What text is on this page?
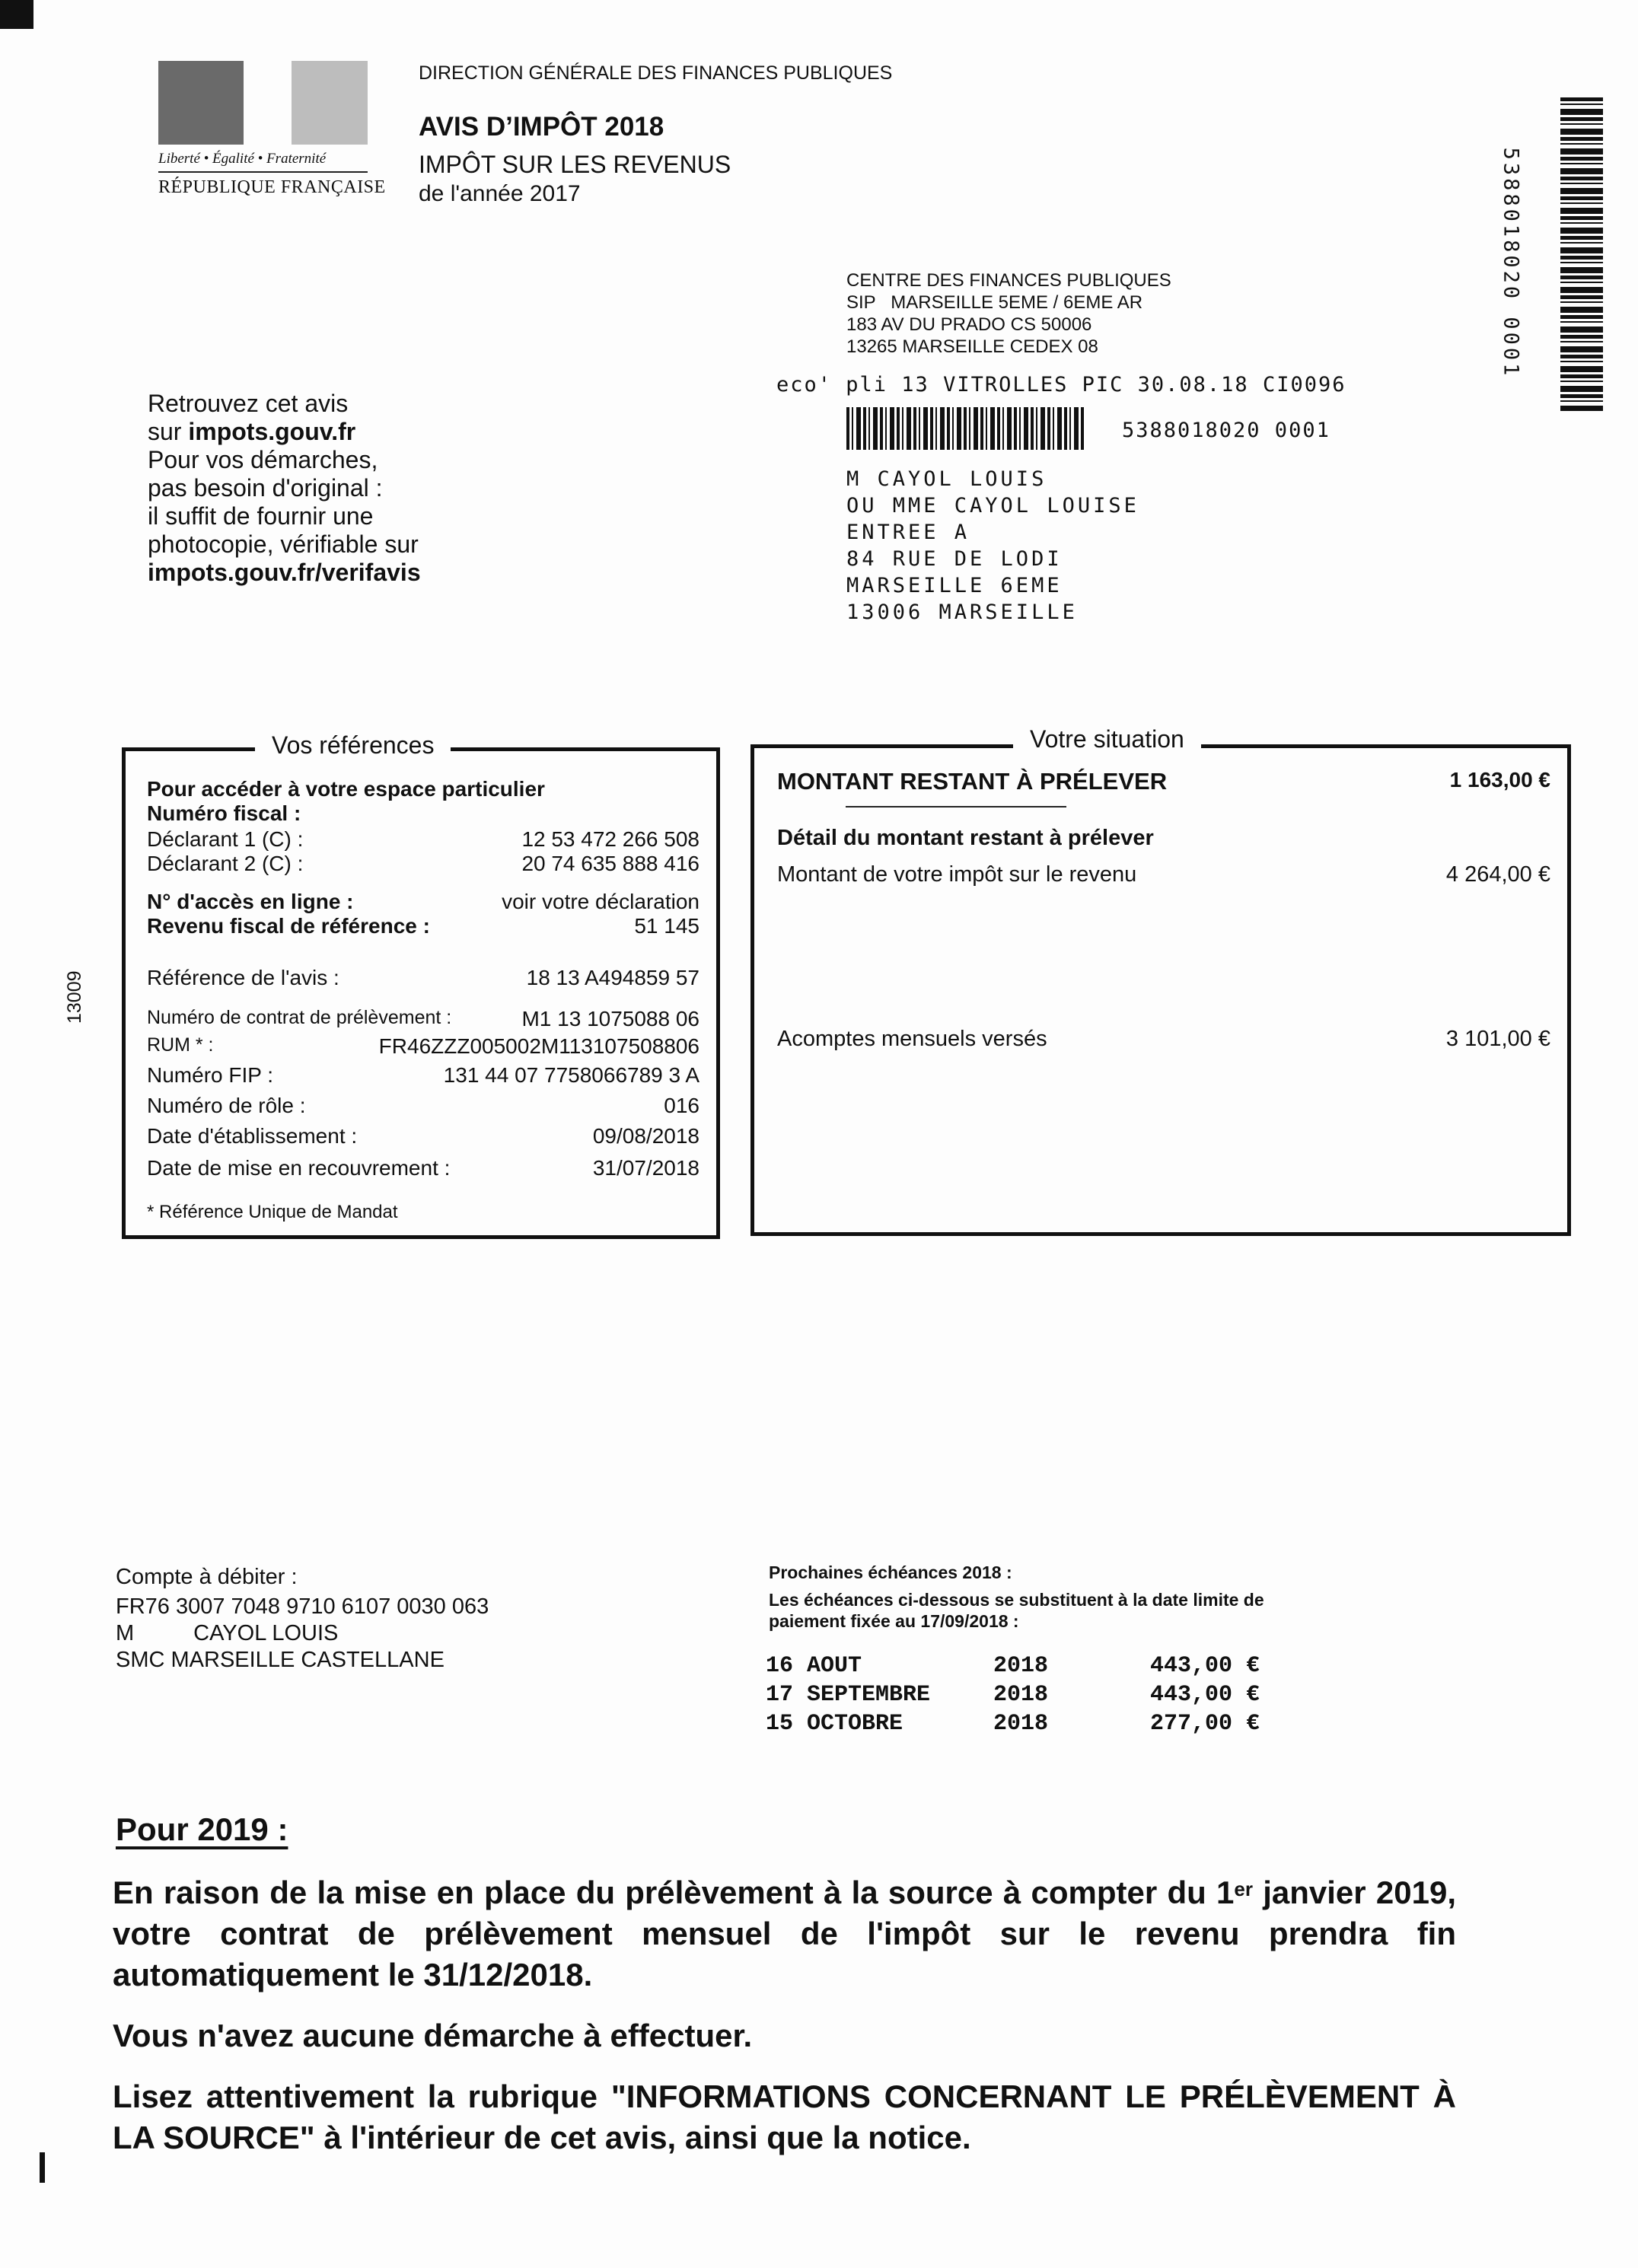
Liberté • Égalité • Fraternité
RÉPUBLIQUE FRANÇAISE
DIRECTION GÉNÉRALE DES FINANCES PUBLIQUES
AVIS D’IMPÔT 2018
IMPÔT SUR LES REVENUS
de l'année 2017	5388018020 0001
CENTRE DES FINANCES PUBLIQUES
SIP   MARSEILLE 5EME / 6EME AR
183 AV DU PRADO CS 50006
13265 MARSEILLE CEDEX 08
eco' pli 13 VITROLLES PIC 30.08.18 CI0096
5388018020 0001
M CAYOL LOUIS
OU MME CAYOL LOUISE
ENTREE A
84 RUE DE LODI
MARSEILLE 6EME
13006 MARSEILLE
Retrouvez cet avis
sur impots.gouv.fr
Pour vos démarches,
pas besoin d'original :
il suffit de fournir une
photocopie, vérifiable sur
impots.gouv.fr/verifavis
13009
Vos références
Pour accéder à votre espace particulier
Numéro fiscal :
Déclarant 1 (C) :	12 53 472 266 508
Déclarant 2 (C) :	20 74 635 888 416
N° d'accès en ligne :	voir votre déclaration
Revenu fiscal de référence :	51 145
Référence de l'avis :	18 13 A494859 57
Numéro de contrat de prélèvement :	M1 13 1075088 06
RUM * :	FR46ZZZ005002M113107508806
Numéro FIP :	131 44 07 7758066789 3 A
Numéro de rôle :	016
Date d'établissement :	09/08/2018
Date de mise en recouvrement :	31/07/2018
* Référence Unique de Mandat
Votre situation
MONTANT RESTANT À PRÉLEVER	1 163,00 €
Détail du montant restant à prélever
Montant de votre impôt sur le revenu	4 264,00 €
Acomptes mensuels versés	3 101,00 €
Compte à débiter :
FR76 3007 7048 9710 6107 0030 063
M	CAYOL LOUIS
SMC MARSEILLE CASTELLANE
Prochaines échéances 2018 :
Les échéances ci-dessous se substituent à la date limite de
paiement fixée au 17/09/2018 :
16 AOUT	2018	443,00 €
17 SEPTEMBRE	2018	443,00 €
15 OCTOBRE	2018	277,00 €
Pour 2019 :

En raison de la mise en place du prélèvement à la source à compter du 1er janvier 2019, votre contrat de prélèvement mensuel de l'impôt sur le revenu prendra fin automatiquement le 31/12/2018.

Vous n'avez aucune démarche à effectuer.

Lisez attentivement la rubrique "INFORMATIONS CONCERNANT LE PRÉLÈVEMENT À LA SOURCE" à l'intérieur de cet avis, ainsi que la notice.
